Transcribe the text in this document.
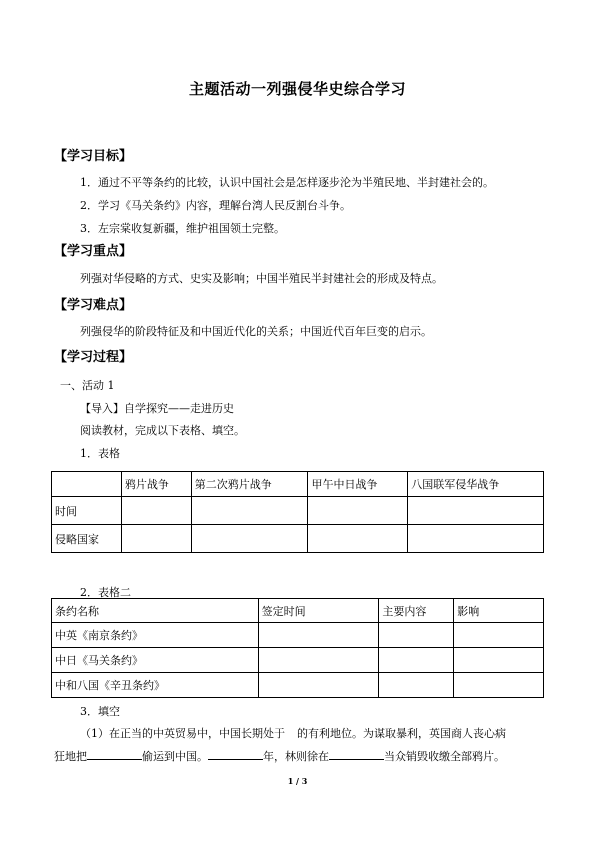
主题活动一列强侵华史综合学习
【学习目标】
1．通过不平等条约的比较，认识中国社会是怎样逐步沦为半殖民地、半封建社会的。
2．学习《马关条约》内容，理解台湾人民反割台斗争。
3．左宗棠收复新疆，维护祖国领土完整。
【学习重点】
列强对华侵略的方式、史实及影响；中国半殖民半封建社会的形成及特点。
【学习难点】
列强侵华的阶段特征及和中国近代化的关系；中国近代百年巨变的启示。
【学习过程】
一、活动 1
【导入】自学探究——走进历史
阅读教材，完成以下表格、填空。
1．表格
	鸦片战争	第二次鸦片战争	甲午中日战争	八国联军侵华战争
时间				
侵略国家				
2．表格二
条约名称	签定时间	主要内容	影响
中英《南京条约》			
中日《马关条约》			
中和八国《辛丑条约》			
3．填空
（1）在正当的中英贸易中，中国长期处于 的有利地位。为谋取暴利，英国商人丧心病
狂地把	偷运到中国。	年，林则徐在	当众销毁收缴全部鸦片。
1 / 3
